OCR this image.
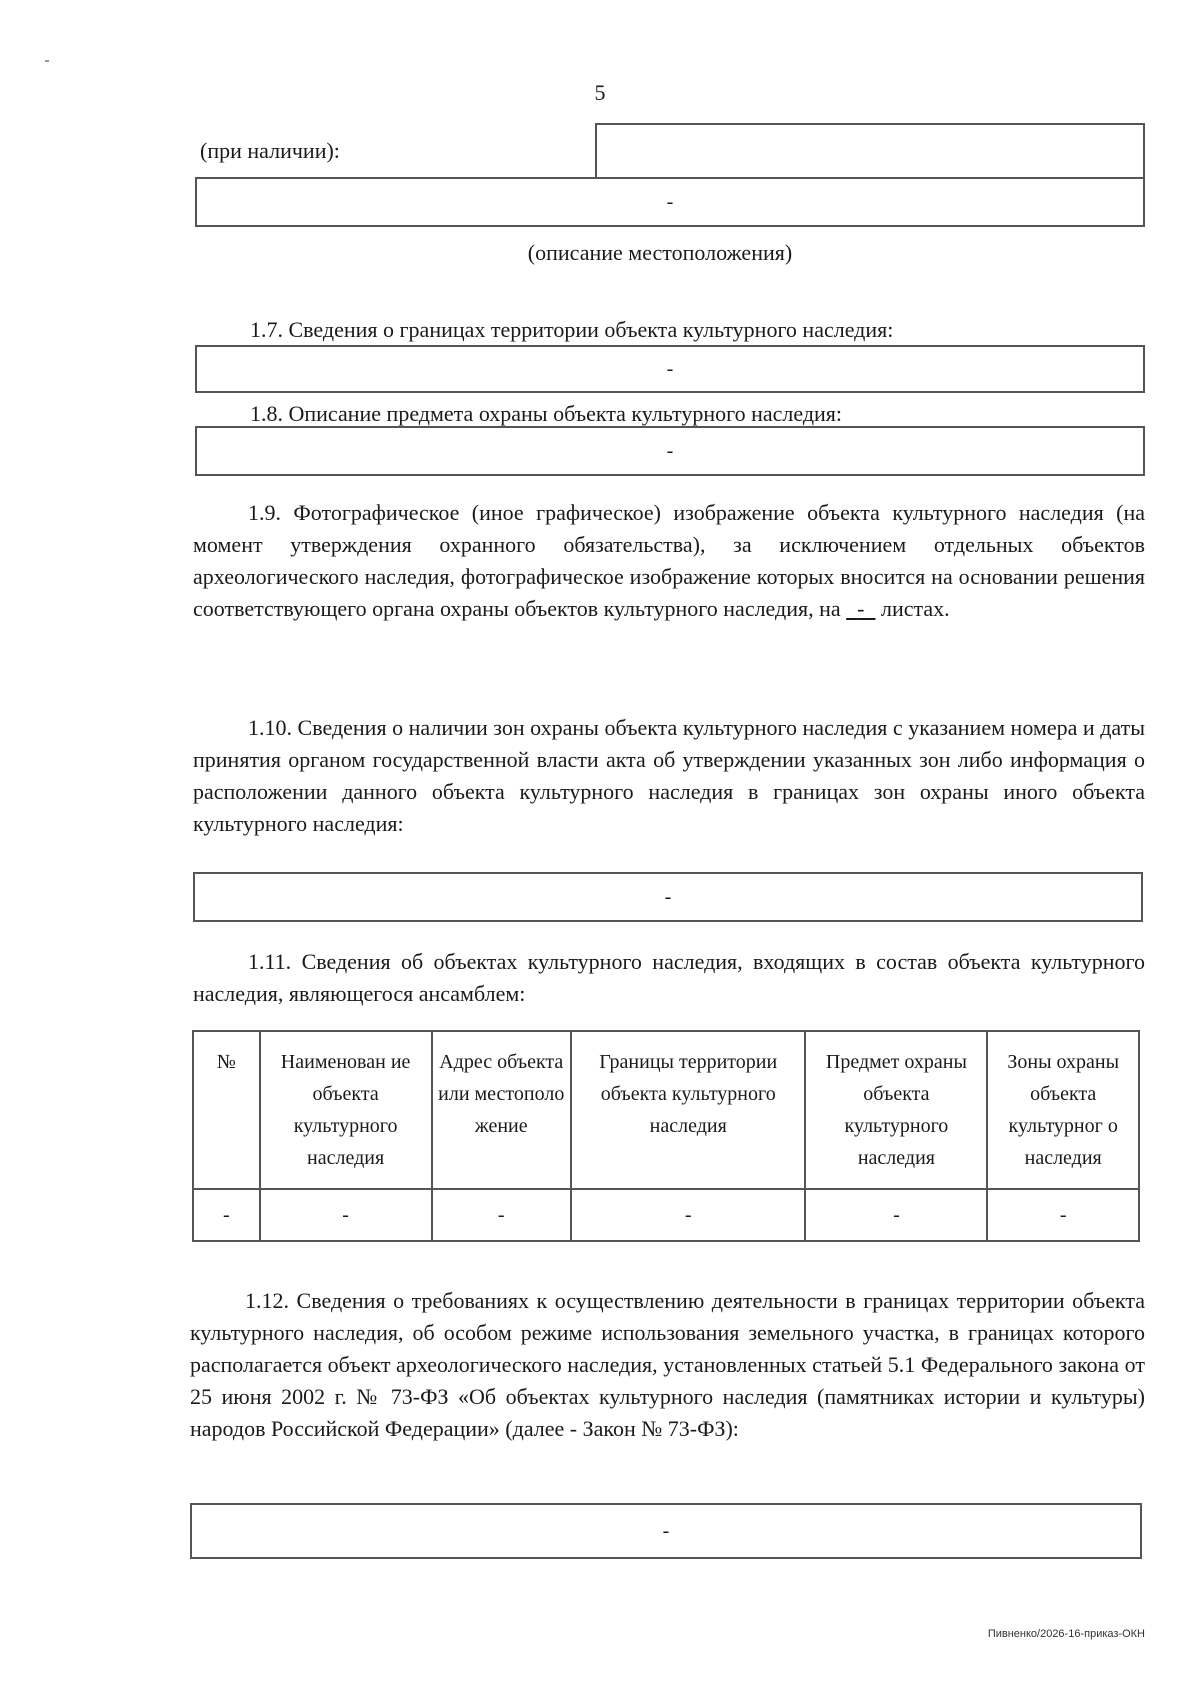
5
(при наличии):
-
(описание местоположения)
1.7. Сведения о границах территории объекта культурного наследия:
-
1.8. Описание предмета охраны объекта культурного наследия:
-
1.9. Фотографическое (иное графическое) изображение объекта культурного наследия (на момент утверждения охранного обязательства), за исключением отдельных объектов археологического наследия, фотографическое изображение которых вносится на основании решения соответствующего органа охраны объектов культурного наследия, на - листах.
1.10. Сведения о наличии зон охраны объекта культурного наследия с указанием номера и даты принятия органом государственной власти акта об утверждении указанных зон либо информация о расположении данного объекта культурного наследия в границах зон охраны иного объекта культурного наследия:
-
1.11. Сведения об объектах культурного наследия, входящих в состав объекта культурного наследия, являющегося ансамблем:
№	Наименован ие объекта культурного наследия	Адрес объекта или местополо жение	Границы территории объекта культурного наследия	Предмет охраны объекта культурного наследия	Зоны охраны объекта культурног о наследия
-	-	-	-	-	-
1.12. Сведения о требованиях к осуществлению деятельности в границах территории объекта культурного наследия, об особом режиме использования земельного участка, в границах которого располагается объект археологического наследия, установленных статьей 5.1 Федерального закона от 25 июня 2002 г. № 73-ФЗ «Об объектах культурного наследия (памятниках истории и культуры) народов Российской Федерации» (далее - Закон № 73-ФЗ):
-
Пивненко/2026-16-приказ-ОКН
